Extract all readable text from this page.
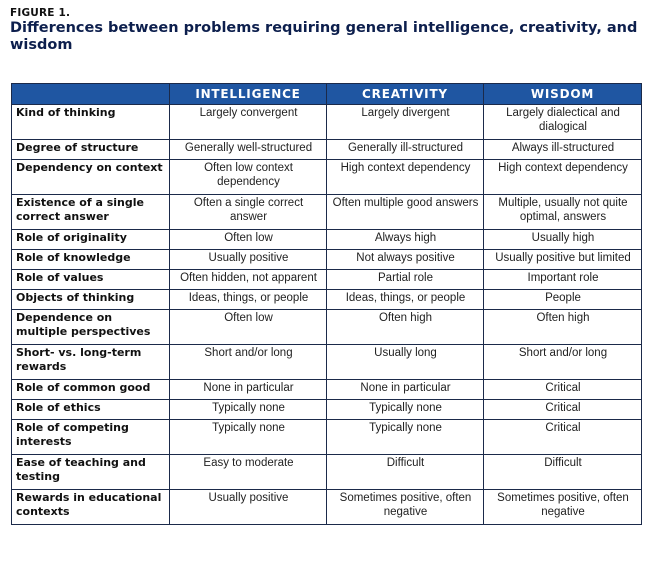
FIGURE 1.
Differences between problems requiring general intelligence, creativity, and wisdom
	INTELLIGENCE	CREATIVITY	WISDOM
Kind of thinking	Largely convergent	Largely divergent	Largely dialectical and dialogical
Degree of structure	Generally well-structured	Generally ill-structured	Always ill-structured
Dependency on context	Often low context dependency	High context dependency	High context dependency
Existence of a single correct answer	Often a single correct answer	Often multiple good answers	Multiple, usually not quite optimal, answers
Role of originality	Often low	Always high	Usually high
Role of knowledge	Usually positive	Not always positive	Usually positive but limited
Role of values	Often hidden, not apparent	Partial role	Important role
Objects of thinking	Ideas, things, or people	Ideas, things, or people	People
Dependence on multiple perspectives	Often low	Often high	Often high
Short- vs. long-term rewards	Short and/or long	Usually long	Short and/or long
Role of common good	None in particular	None in particular	Critical
Role of ethics	Typically none	Typically none	Critical
Role of competing interests	Typically none	Typically none	Critical
Ease of teaching and testing	Easy to moderate	Difficult	Difficult
Rewards in educational contexts	Usually positive	Sometimes positive, often negative	Sometimes positive, often negative
